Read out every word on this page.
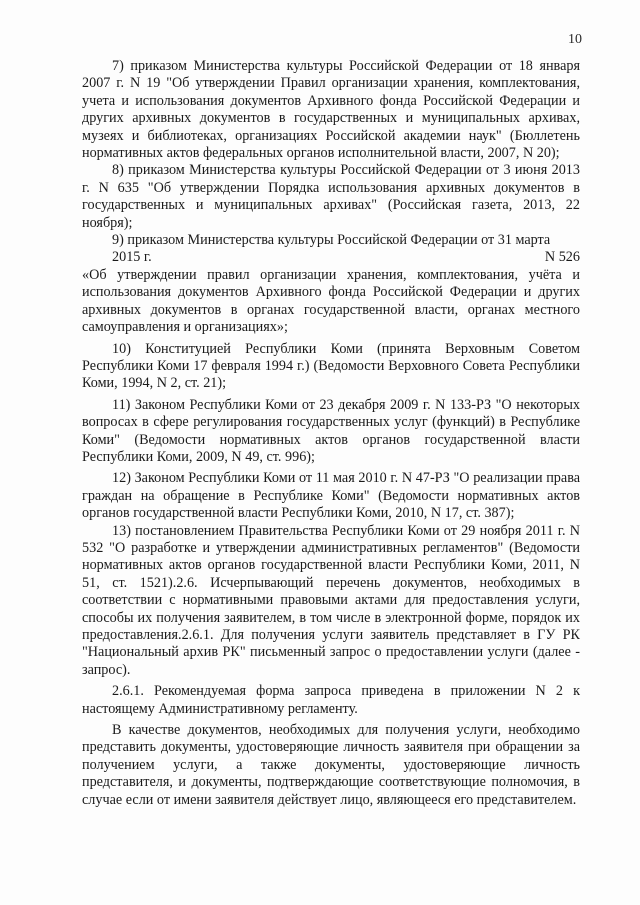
10

7) приказом Министерства культуры Российской Федерации от 18 января 2007 г. N 19 "Об утверждении Правил организации хранения, комплектования, учета и использования документов Архивного фонда Российской Федерации и других архивных документов в государственных и муниципальных архивах, музеях и библиотеках, организациях Российской академии наук" (Бюллетень нормативных актов федеральных органов исполнительной власти, 2007, N 20);

8) приказом Министерства культуры Российской Федерации от 3 июня 2013 г. N 635 "Об утверждении Порядка использования архивных документов в государственных и муниципальных архивах" (Российская газета, 2013, 22 ноября);

9) приказом Министерства культуры Российской Федерации от 31 марта

2015 г.	N 526

«Об утверждении правил организации хранения, комплектования, учёта и использования документов Архивного фонда Российской Федерации и других архивных документов в органах государственной власти, органах местного самоуправления и организациях»;

10) Конституцией Республики Коми (принята Верховным Советом Республики Коми 17 февраля 1994 г.) (Ведомости Верховного Совета Республики Коми, 1994, N 2, ст. 21);

11) Законом Республики Коми от 23 декабря 2009 г. N 133-РЗ "О некоторых вопросах в сфере регулирования государственных услуг (функций) в Республике Коми" (Ведомости нормативных актов органов государственной власти Республики Коми, 2009, N 49, ст. 996);

12) Законом Республики Коми от 11 мая 2010 г. N 47-РЗ "О реализации права граждан на обращение в Республике Коми" (Ведомости нормативных актов органов государственной власти Республики Коми, 2010, N 17, ст. 387);

13) постановлением Правительства Республики Коми от 29 ноября 2011 г. N 532 "О разработке и утверждении административных регламентов" (Ведомости нормативных актов органов государственной власти Республики Коми, 2011, N 51, ст. 1521).2.6. Исчерпывающий перечень документов, необходимых в соответствии с нормативными правовыми актами для предоставления услуги, способы их получения заявителем, в том числе в электронной форме, порядок их предоставления.2.6.1. Для получения услуги заявитель представляет в ГУ РК "Национальный архив РК" письменный запрос о предоставлении услуги (далее - запрос).

2.6.1. Рекомендуемая форма запроса приведена в приложении N 2 к настоящему Административному регламенту.

В качестве документов, необходимых для получения услуги, необходимо представить документы, удостоверяющие личность заявителя при обращении за получением услуги, а также документы, удостоверяющие личность представителя, и документы, подтверждающие соответствующие полномочия, в случае если от имени заявителя действует лицо, являющееся его представителем.
